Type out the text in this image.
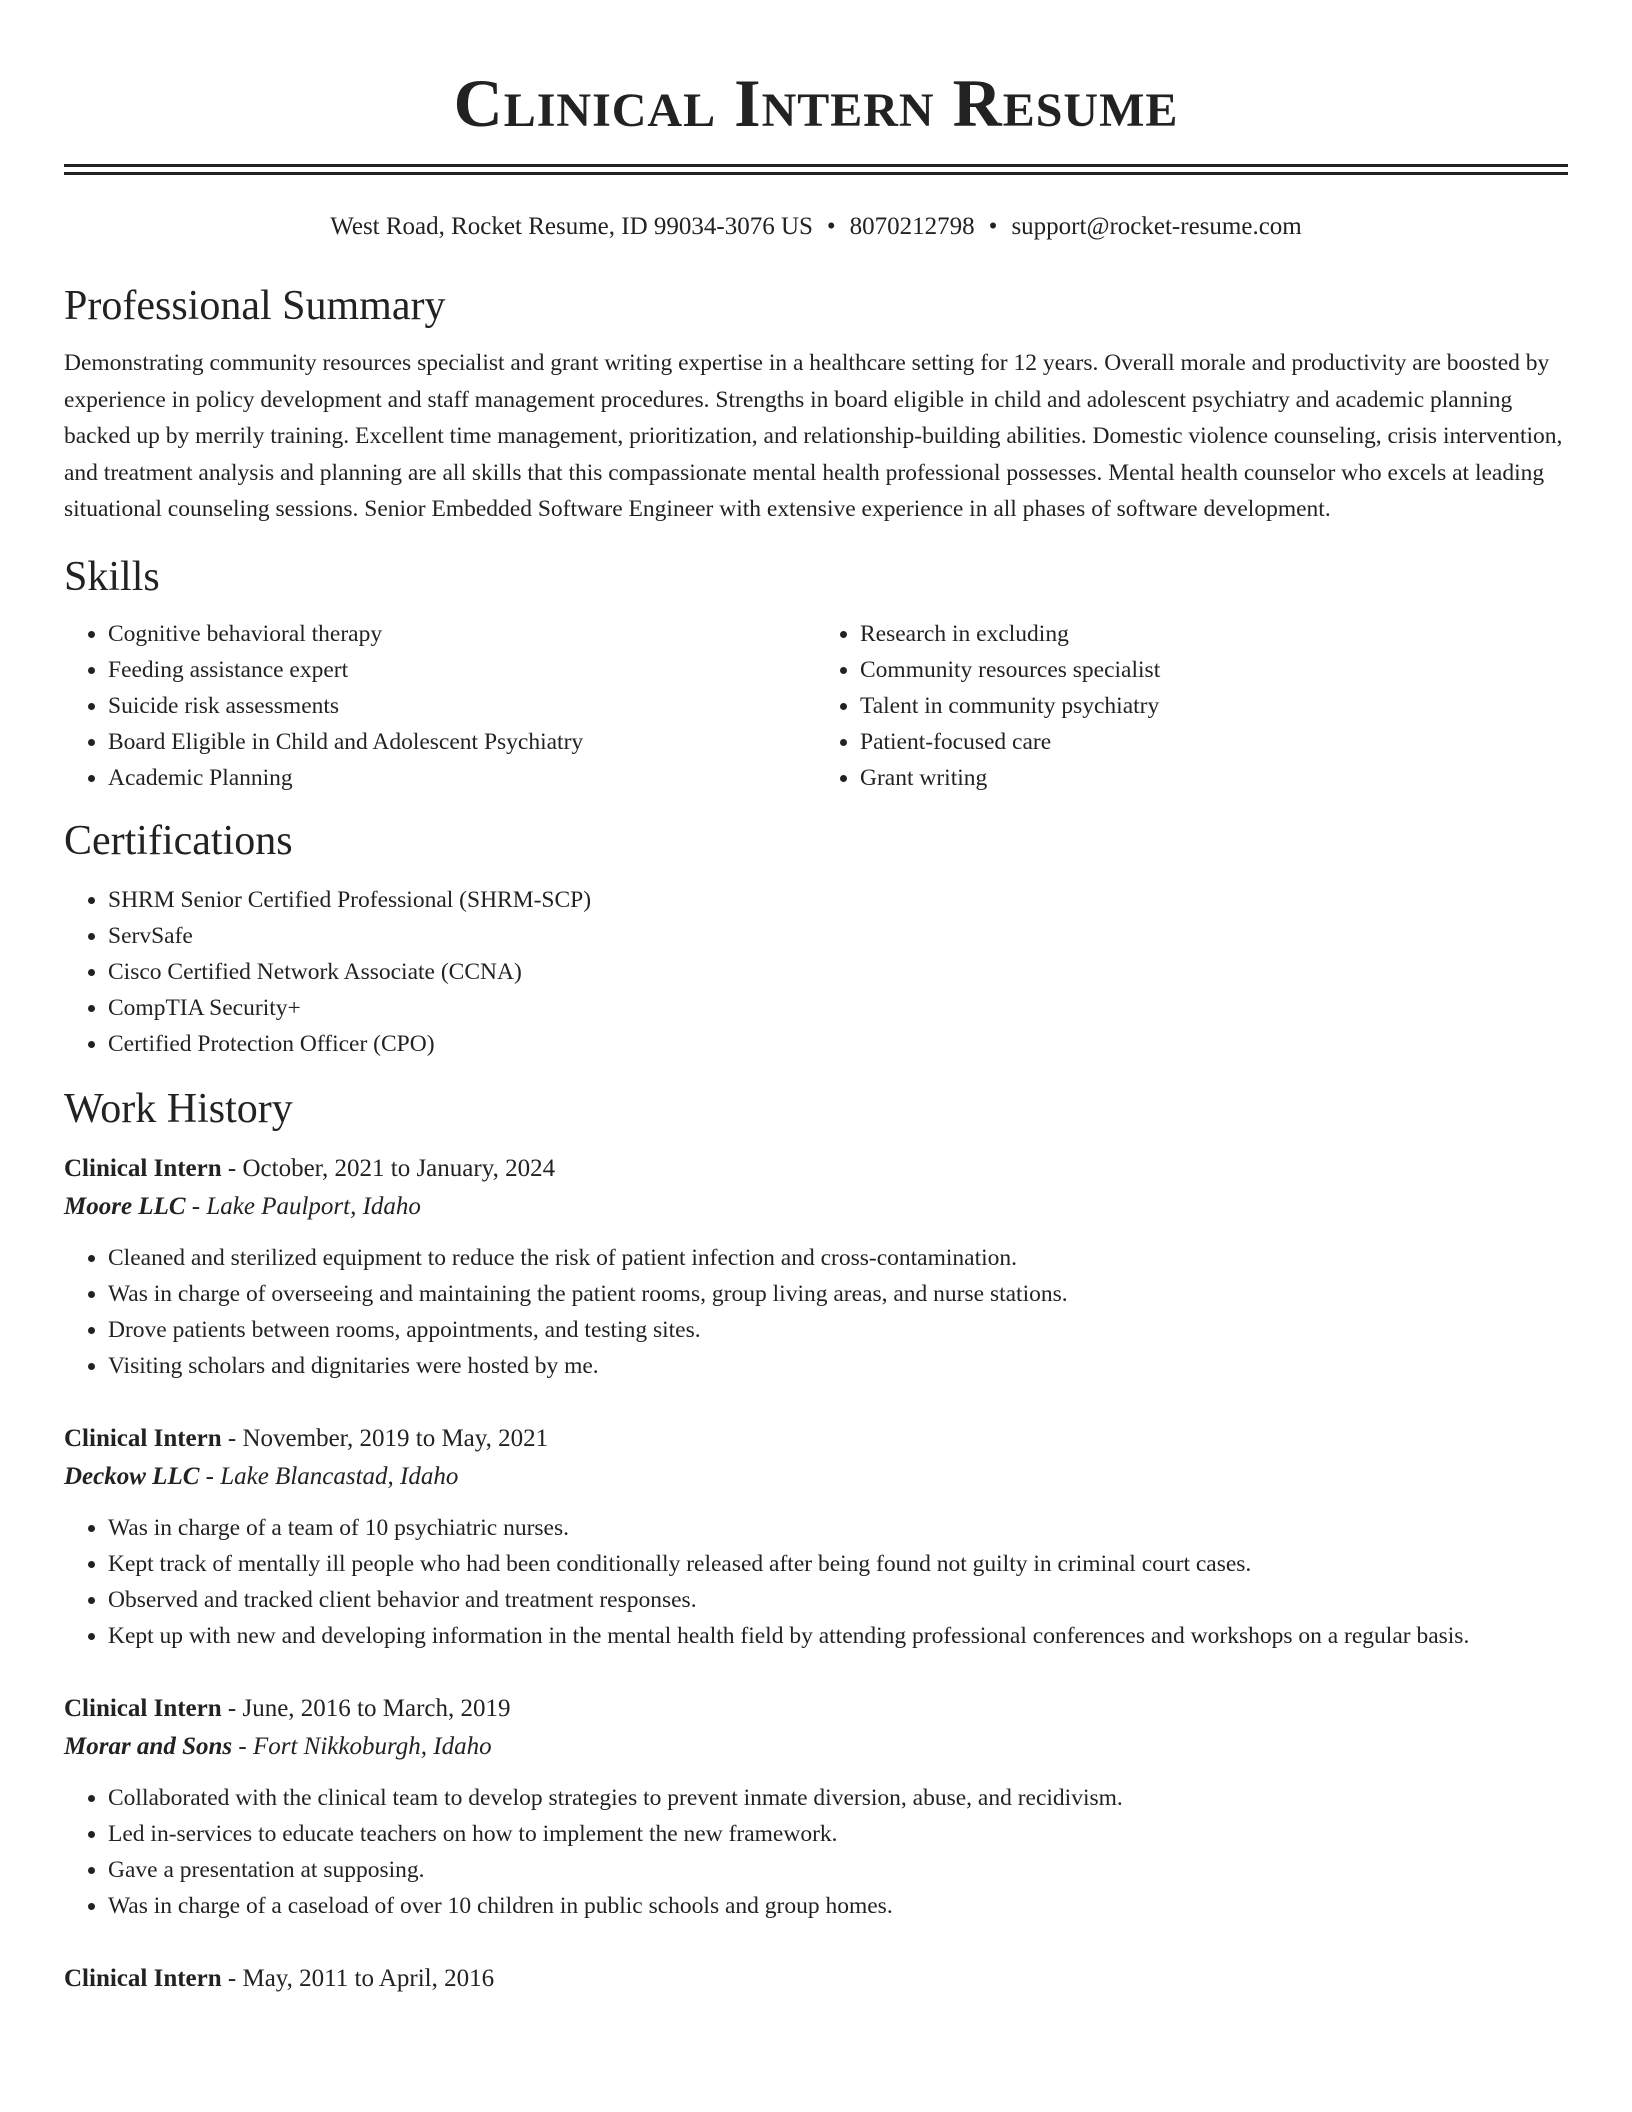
Clinical Intern Resume
West Road, Rocket Resume, ID 99034-3076 US • 8070212798 • support@rocket-resume.com
Professional Summary

Demonstrating community resources specialist and grant writing expertise in a healthcare setting for 12 years. Overall morale and productivity are boosted by experience in policy development and staff management procedures. Strengths in board eligible in child and adolescent psychiatry and academic planning backed up by merrily training. Excellent time management, prioritization, and relationship-building abilities. Domestic violence counseling, crisis intervention, and treatment analysis and planning are all skills that this compassionate mental health professional possesses. Mental health counselor who excels at leading situational counseling sessions. Senior Embedded Software Engineer with extensive experience in all phases of software development.

Skills
• Cognitive behavioral therapy
• Feeding assistance expert
• Suicide risk assessments
• Board Eligible in Child and Adolescent Psychiatry
• Academic Planning
• Research in excluding
• Community resources specialist
• Talent in community psychiatry
• Patient-focused care
• Grant writing
Certifications
• SHRM Senior Certified Professional (SHRM-SCP)
• ServSafe
• Cisco Certified Network Associate (CCNA)
• CompTIA Security+
• Certified Protection Officer (CPO)
Work History
Clinical Intern - October, 2021 to January, 2024
Moore LLC - Lake Paulport, Idaho
• Cleaned and sterilized equipment to reduce the risk of patient infection and cross-contamination.
• Was in charge of overseeing and maintaining the patient rooms, group living areas, and nurse stations.
• Drove patients between rooms, appointments, and testing sites.
• Visiting scholars and dignitaries were hosted by me.
Clinical Intern - November, 2019 to May, 2021
Deckow LLC - Lake Blancastad, Idaho
• Was in charge of a team of 10 psychiatric nurses.
• Kept track of mentally ill people who had been conditionally released after being found not guilty in criminal court cases.
• Observed and tracked client behavior and treatment responses.
• Kept up with new and developing information in the mental health field by attending professional conferences and workshops on a regular basis.
Clinical Intern - June, 2016 to March, 2019
Morar and Sons - Fort Nikkoburgh, Idaho
• Collaborated with the clinical team to develop strategies to prevent inmate diversion, abuse, and recidivism.
• Led in-services to educate teachers on how to implement the new framework.
• Gave a presentation at supposing.
• Was in charge of a caseload of over 10 children in public schools and group homes.
Clinical Intern - May, 2011 to April, 2016
